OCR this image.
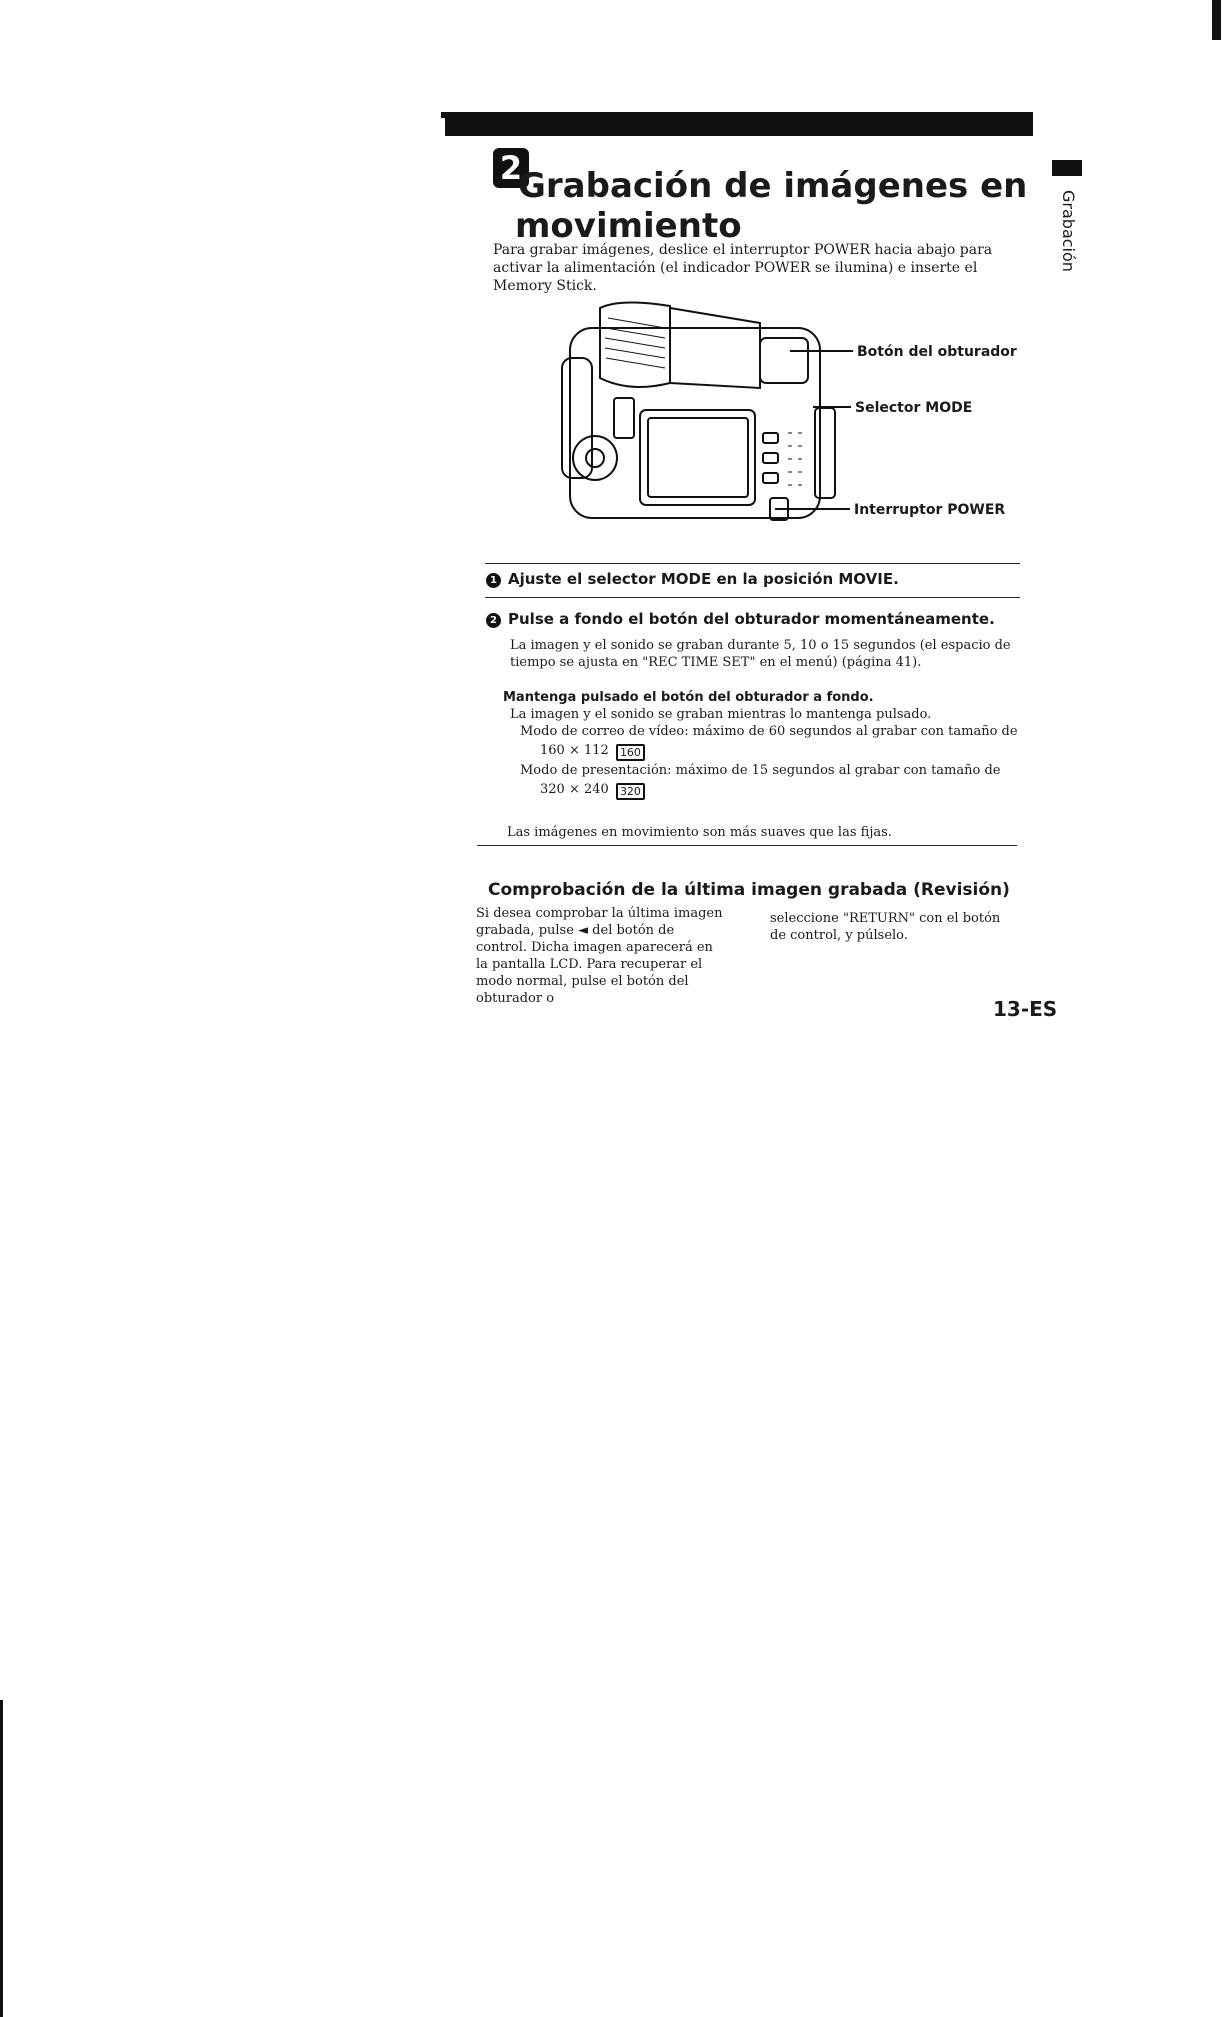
2
Grabación de imágenes en
movimiento
Para grabar imágenes, deslice el interruptor POWER hacia abajo para activar la alimentación (el indicador POWER se ilumina) e inserte el Memory Stick.
Grabación
Botón del obturador
Selector MODE
Interruptor POWER
1 Ajuste el selector MODE en la posición MOVIE.
2 Pulse a fondo el botón del obturador momentáneamente.
La imagen y el sonido se graban durante 5, 10 o 15 segundos (el espacio de tiempo se ajusta en "REC TIME SET" en el menú) (página 41).
Mantenga pulsado el botón del obturador a fondo.
La imagen y el sonido se graban mientras lo mantenga pulsado.
Modo de correo de vídeo: máximo de 60 segundos al grabar con tamaño de
160 × 112 160
Modo de presentación: máximo de 15 segundos al grabar con tamaño de
320 × 240 320
Las imágenes en movimiento son más suaves que las fijas.
Comprobación de la última imagen grabada (Revisión)
Si desea comprobar la última imagen grabada, pulse ◄ del botón de control. Dicha imagen aparecerá en la pantalla LCD. Para recuperar el modo normal, pulse el botón del obturador o
seleccione "RETURN" con el botón de control, y púlselo.
13-ES
